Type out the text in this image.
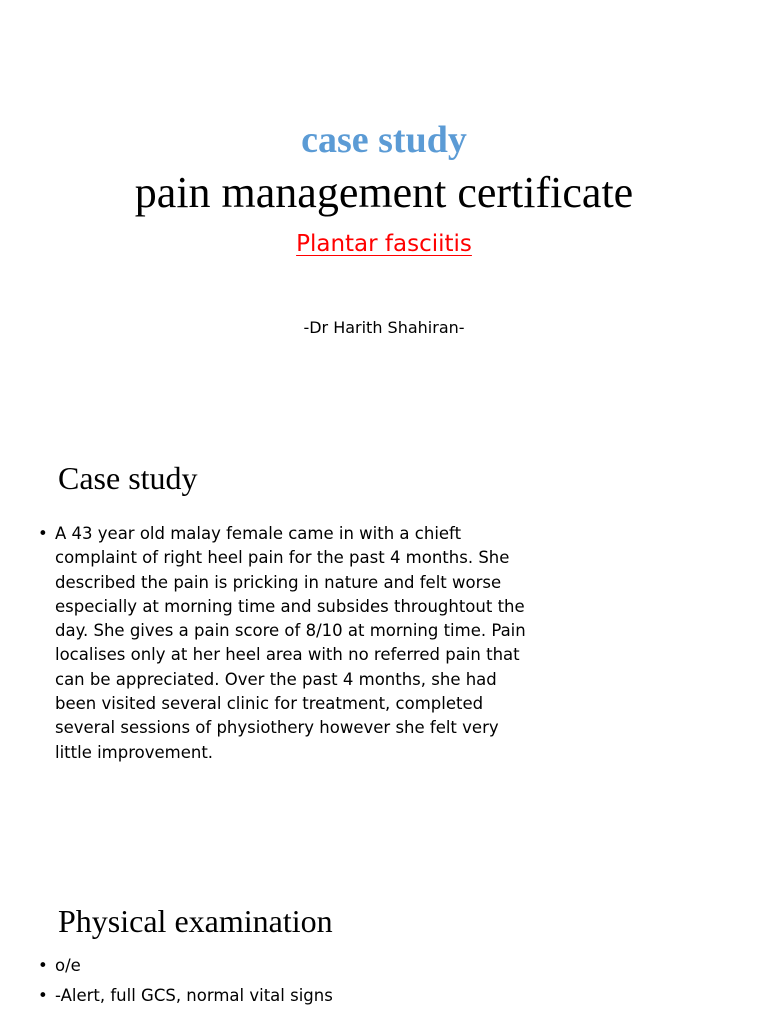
case study
pain management certificate
Plantar fasciitis
-Dr Harith Shahiran-
Case study
• A 43 year old malay female came in with a chieft complaint of right heel pain for the past 4 months. She described the pain is pricking in nature and felt worse especially at morning time and subsides throughtout the day. She gives a pain score of 8/10 at morning time. Pain localises only at her heel area with no referred pain that can be appreciated. Over the past 4 months, she had been visited several clinic for treatment, completed several sessions of physiothery however she felt very little improvement.
Physical examination
• o/e
• -Alert, full GCS, normal vital signs
